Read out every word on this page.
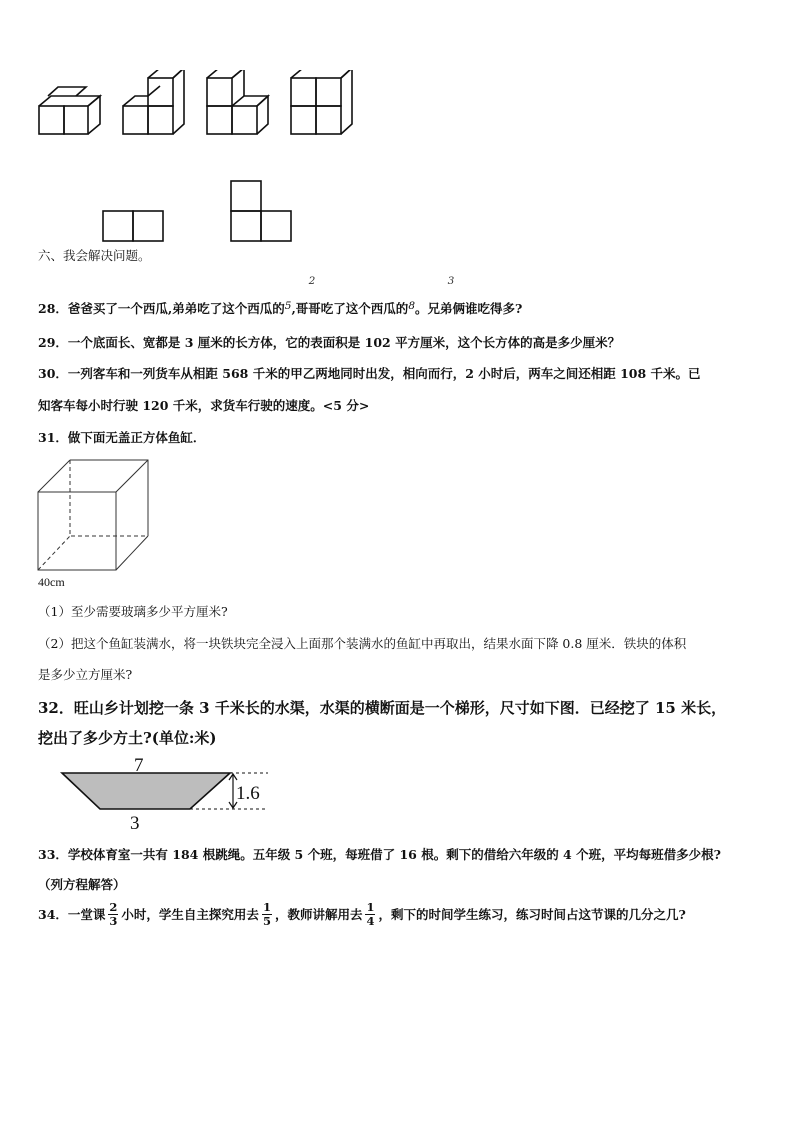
六、我会解决问题。
2	3
28．爸爸买了一个西瓜,弟弟吃了这个西瓜的$^5$,哥哥吃了这个西瓜的$^8$。兄弟俩谁吃得多?
29．一个底面长、宽都是 3 厘米的长方体，它的表面积是 102 平方厘米，这个长方体的高是多少厘米？
30．一列客车和一列货车从相距 568 千米的甲乙两地同时出发，相向而行，2 小时后，两车之间还相距 108 千米。已
知客车每小时行驶 120 千米，求货车行驶的速度。<5 分>
31．做下面无盖正方体鱼缸．
40cm
（1）至少需要玻璃多少平方厘米?
（2）把这个鱼缸装满水，将一块铁块完全浸入上面那个装满水的鱼缸中再取出，结果水面下降 0.8 厘米．铁块的体积
是多少立方厘米?
32．旺山乡计划挖一条 3 千米长的水渠，水渠的横断面是一个梯形，尺寸如下图．已经挖了 15 米长，
挖出了多少方土?(单位:米)
7
3
1.6
33．学校体育室一共有 184 根跳绳。五年级 5 个班，每班借了 16 根。剩下的借给六年级的 4 个班，平均每班借多少根?
（列方程解答）
34．一堂课 $\frac{2}{3}$ 小时，学生自主探究用去 $\frac{1}{5}$ ，教师讲解用去 $\frac{1}{4}$ ，剩下的时间学生练习，练习时间占这节课的几分之几?
